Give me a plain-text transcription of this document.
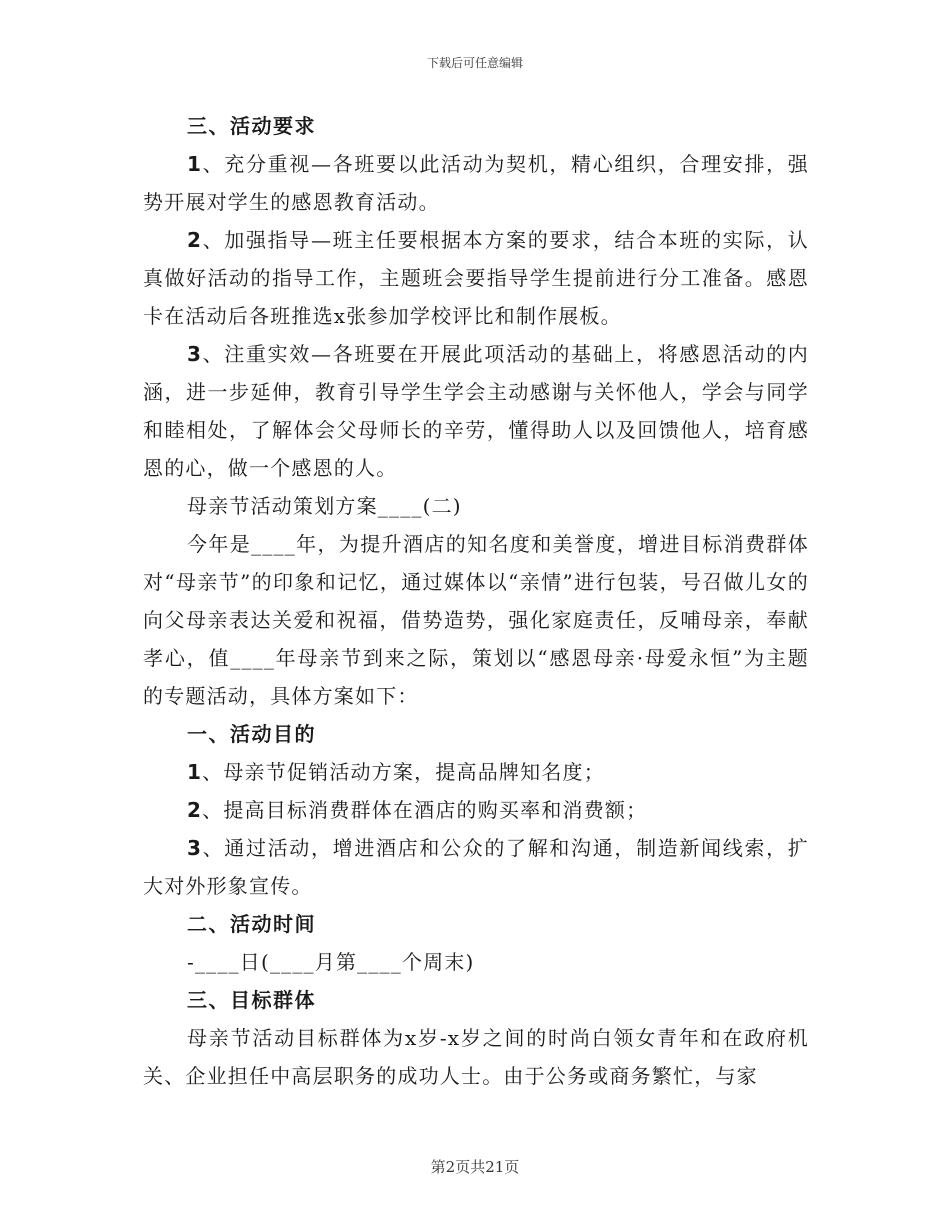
下载后可任意编辑

三、活动要求

1、充分重视—各班要以此活动为契机，精心组织，合理安排，强势开展对学生的感恩教育活动。

2、加强指导—班主任要根据本方案的要求，结合本班的实际，认真做好活动的指导工作，主题班会要指导学生提前进行分工准备。感恩卡在活动后各班推选x张参加学校评比和制作展板。

3、注重实效—各班要在开展此项活动的基础上，将感恩活动的内涵，进一步延伸，教育引导学生学会主动感谢与关怀他人，学会与同学和睦相处，了解体会父母师长的辛劳，懂得助人以及回馈他人，培育感恩的心，做一个感恩的人。

母亲节活动策划方案____(二)

今年是____年，为提升酒店的知名度和美誉度，增进目标消费群体对“母亲节”的印象和记忆，通过媒体以“亲情”进行包装，号召做儿女的向父母亲表达关爱和祝福，借势造势，强化家庭责任，反哺母亲，奉献孝心，值____年母亲节到来之际，策划以“感恩母亲·母爱永恒”为主题的专题活动，具体方案如下：

一、活动目的

1、母亲节促销活动方案，提高品牌知名度；

2、提高目标消费群体在酒店的购买率和消费额；

3、通过活动，增进酒店和公众的了解和沟通，制造新闻线索，扩大对外形象宣传。

二、活动时间

-____日(____月第____个周末)

三、目标群体

母亲节活动目标群体为x岁-x岁之间的时尚白领女青年和在政府机关、企业担任中高层职务的成功人士。由于公务或商务繁忙，与家

第2页共21页
